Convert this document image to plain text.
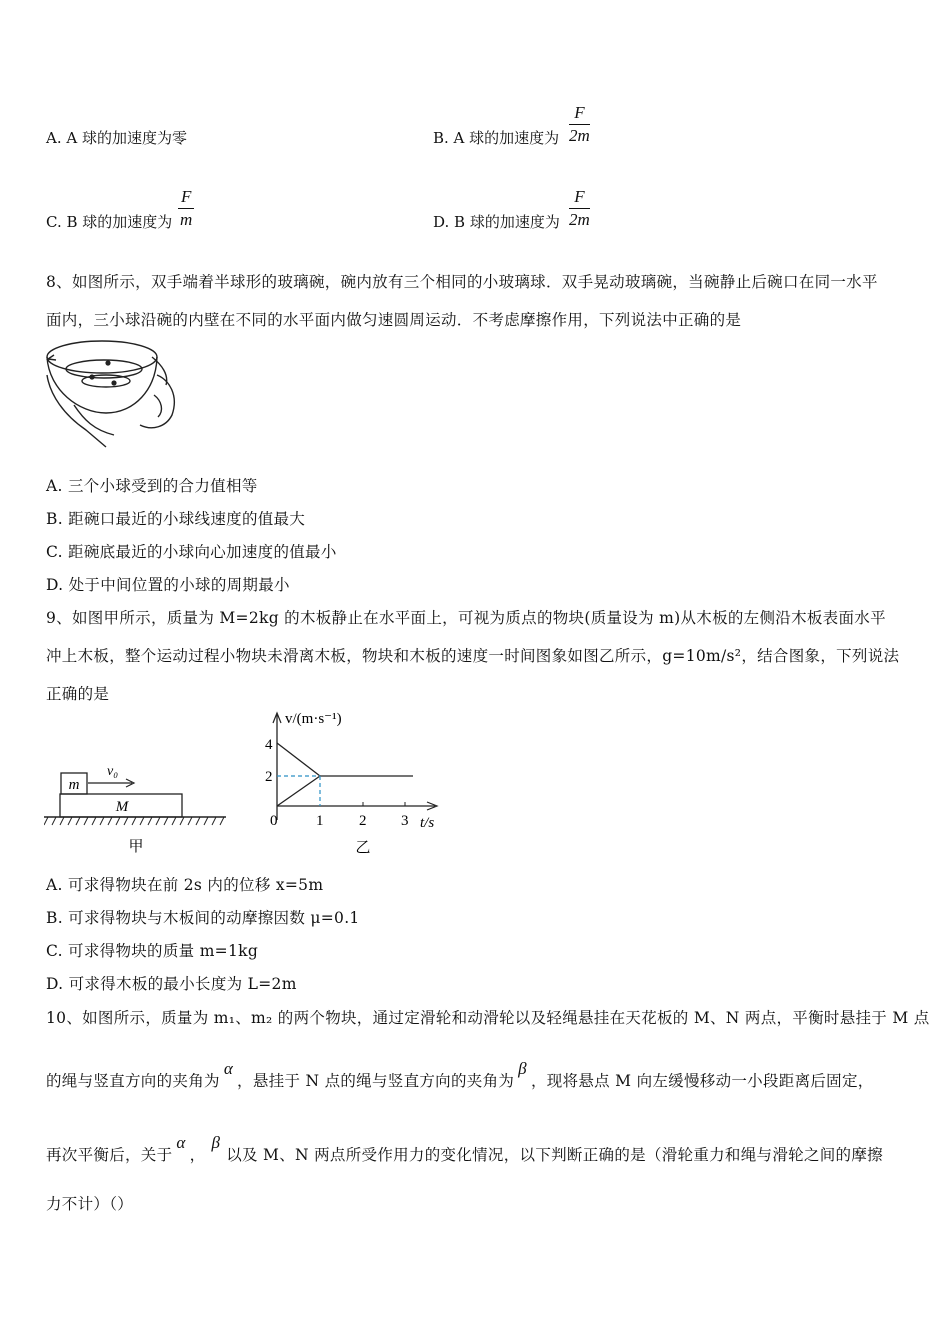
A. A 球的加速度为零	B. A 球的加速度为 $\frac{F}{2m}$
C. B 球的加速度为 $\frac{F}{m}$	D. B 球的加速度为 $\frac{F}{2m}$
8、如图所示，双手端着半球形的玻璃碗，碗内放有三个相同的小玻璃球．双手晃动玻璃碗，当碗静止后碗口在同一水平
面内，三小球沿碗的内壁在不同的水平面内做匀速圆周运动．不考虑摩擦作用，下列说法中正确的是
A. 三个小球受到的合力值相等
B. 距碗口最近的小球线速度的值最大
C. 距碗底最近的小球向心加速度的值最小
D. 处于中间位置的小球的周期最小
9、如图甲所示，质量为 M=2kg 的木板静止在水平面上，可视为质点的物块(质量设为 m)从木板的左侧沿木板表面水平
冲上木板，整个运动过程小物块未滑离木板，物块和木板的速度一时间图象如图乙所示，g=10m/s²，结合图象，下列说法
正确的是
m
M
v₀
甲
v/(m·s⁻¹)
4
2
0	1 2 3 t/s
乙
A. 可求得物块在前 2s 内的位移 x=5m
B. 可求得物块与木板间的动摩擦因数 μ=0.1
C. 可求得物块的质量 m=1kg
D. 可求得木板的最小长度为 L=2m
10、如图所示，质量为 m₁、m₂ 的两个物块，通过定滑轮和动滑轮以及轻绳悬挂在天花板的 M、N 两点，平衡时悬挂于 M 点
的绳与竖直方向的夹角为α，悬挂于 N 点的绳与竖直方向的夹角为β，现将悬点 M 向左缓慢移动一小段距离后固定，
再次平衡后，关于α，β以及 M、N 两点所受作用力的变化情况，以下判断正确的是（滑轮重力和绳与滑轮之间的摩擦
力不计）（）
